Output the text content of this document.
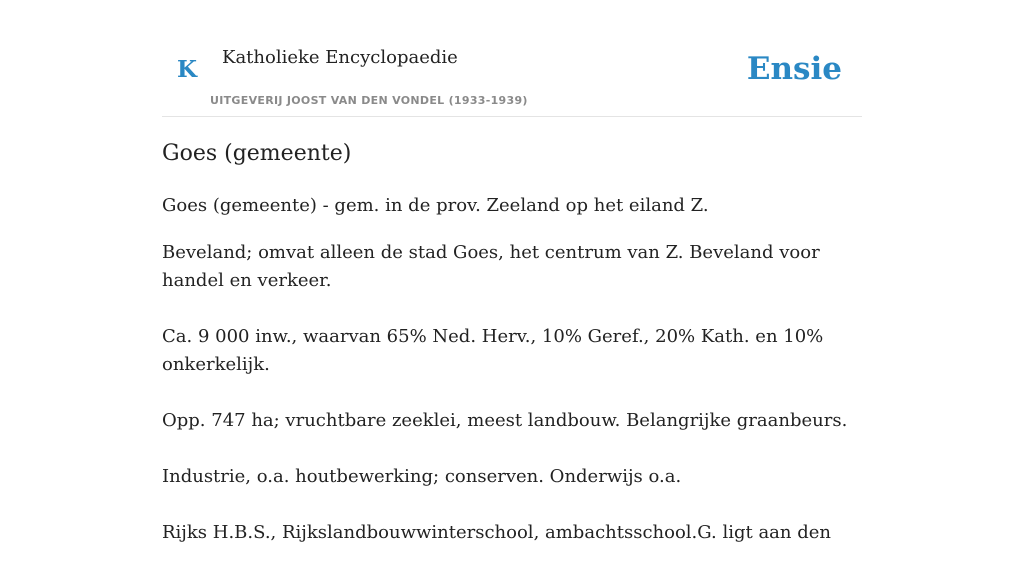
K Katholieke Encyclopaedie
UITGEVERIJ JOOST VAN DEN VONDEL (1933-1939)
Ensie
Goes (gemeente)

Goes (gemeente) - gem. in de prov. Zeeland op het eiland Z.

Beveland; omvat alleen de stad Goes, het centrum van Z. Beveland voor handel en verkeer.

Ca. 9 000 inw., waarvan 65% Ned. Herv., 10% Geref., 20% Kath. en 10% onkerkelijk.

Opp. 747 ha; vruchtbare zeeklei, meest landbouw. Belangrijke graanbeurs.

Industrie, o.a. houtbewerking; conserven. Onderwijs o.a.

Rijks H.B.S., Rijkslandbouwwinterschool, ambachtsschool.G. ligt aan den
